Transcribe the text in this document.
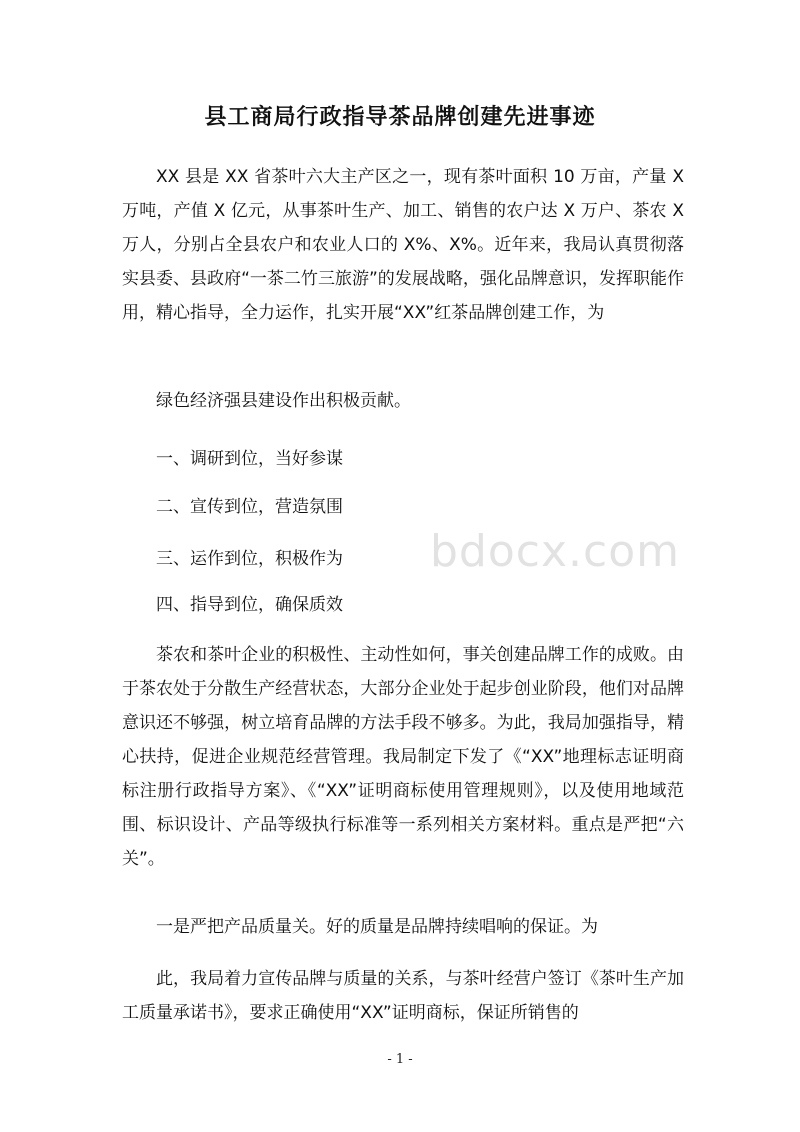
县工商局行政指导茶品牌创建先进事迹

XX 县是 XX 省茶叶六大主产区之一，现有茶叶面积 10 万亩，产量 X 万吨，产值 X 亿元，从事茶叶生产、加工、销售的农户达 X 万户、茶农 X 万人，分别占全县农户和农业人口的 X%、X%。近年来，我局认真贯彻落实县委、县政府“一茶二竹三旅游”的发展战略，强化品牌意识，发挥职能作用，精心指导，全力运作，扎实开展“XX”红茶品牌创建工作，为

绿色经济强县建设作出积极贡献。

一、调研到位，当好参谋

二、宣传到位，营造氛围

三、运作到位，积极作为

四、指导到位，确保质效

茶农和茶叶企业的积极性、主动性如何，事关创建品牌工作的成败。由于茶农处于分散生产经营状态，大部分企业处于起步创业阶段，他们对品牌意识还不够强，树立培育品牌的方法手段不够多。为此，我局加强指导，精心扶持，促进企业规范经营管理。我局制定下发了《“XX”地理标志证明商标注册行政指导方案》、《“XX”证明商标使用管理规则》，以及使用地域范围、标识设计、产品等级执行标准等一系列相关方案材料。重点是严把“六关”。

一是严把产品质量关。好的质量是品牌持续唱响的保证。为

此，我局着力宣传品牌与质量的关系，与茶叶经营户签订《茶叶生产加工质量承诺书》，要求正确使用“XX”证明商标，保证所销售的

bdocx.com
- 1 -
